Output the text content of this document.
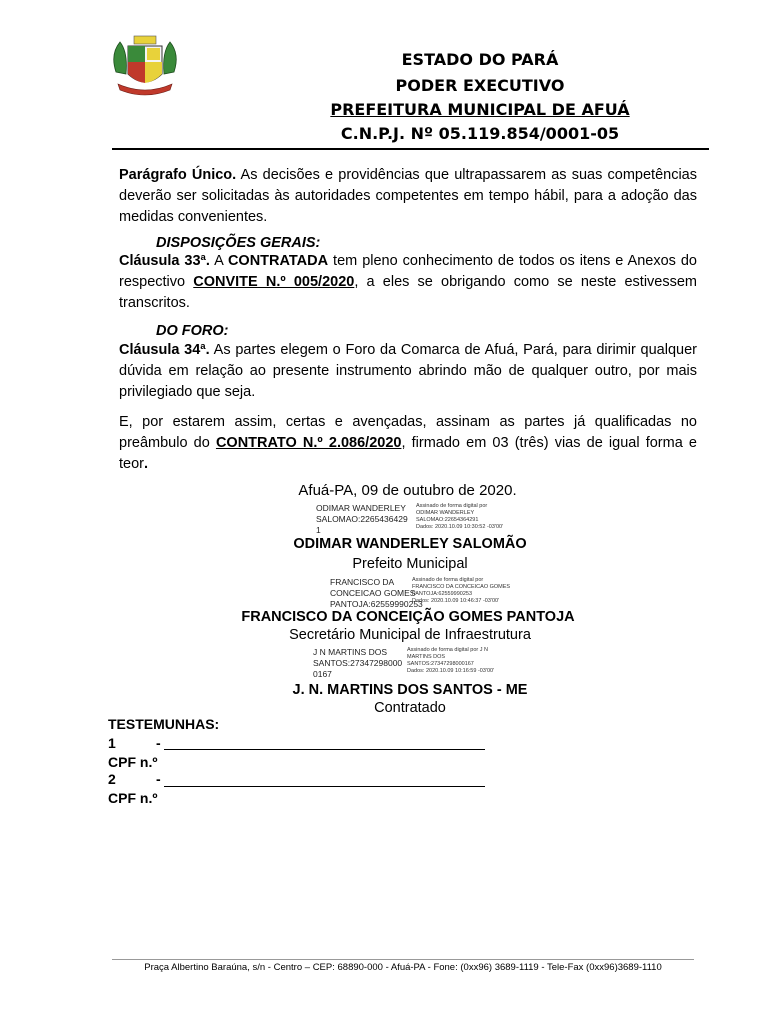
ESTADO DO PARÁ
PODER EXECUTIVO
PREFEITURA MUNICIPAL DE AFUÁ
C.N.P.J. Nº 05.119.854/0001-05
Parágrafo Único. As decisões e providências que ultrapassarem as suas competências deverão ser solicitadas às autoridades competentes em tempo hábil, para a adoção das medidas convenientes.
DISPOSIÇÕES GERAIS:
Cláusula 33ª. A CONTRATADA tem pleno conhecimento de todos os itens e Anexos do respectivo CONVITE N.º 005/2020, a eles se obrigando como se neste estivessem transcritos.
DO FORO:
Cláusula 34ª. As partes elegem o Foro da Comarca de Afuá, Pará, para dirimir qualquer dúvida em relação ao presente instrumento abrindo mão de qualquer outro, por mais privilegiado que seja.
E, por estarem assim, certas e avençadas, assinam as partes já qualificadas no preâmbulo do CONTRATO N.º 2.086/2020, firmado em 03 (três) vias de igual forma e teor.
Afuá-PA, 09 de outubro de 2020.
ODIMAR WANDERLEY
SALOMAO:2265436429
1
Assinado de forma digital por
ODIMAR WANDERLEY
SALOMAO:22654364291
Dados: 2020.10.09 10:30:52 -03'00'
ODIMAR WANDERLEY SALOMÃO
Prefeito Municipal
FRANCISCO DA
CONCEICAO GOMES
PANTOJA:62559990253
Assinado de forma digital por
FRANCISCO DA CONCEICAO GOMES
PANTOJA:62559990253
Dados: 2020.10.09 10:46:37 -03'00'
FRANCISCO DA CONCEIÇÃO GOMES PANTOJA
Secretário Municipal de Infraestrutura
J N MARTINS DOS
SANTOS:27347298000
0167
Assinado de forma digital por J N
MARTINS DOS
SANTOS:27347298000167
Dados: 2020.10.09 10:16:59 -03'00'
J. N. MARTINS DOS SANTOS - ME
Contratado
TESTEMUNHAS:
1	-
CPF n.º
2	-
CPF n.º
Praça Albertino Baraúna, s/n - Centro – CEP: 68890-000 - Afuá-PA - Fone: (0xx96) 3689-1119 - Tele-Fax (0xx96)3689-1110
